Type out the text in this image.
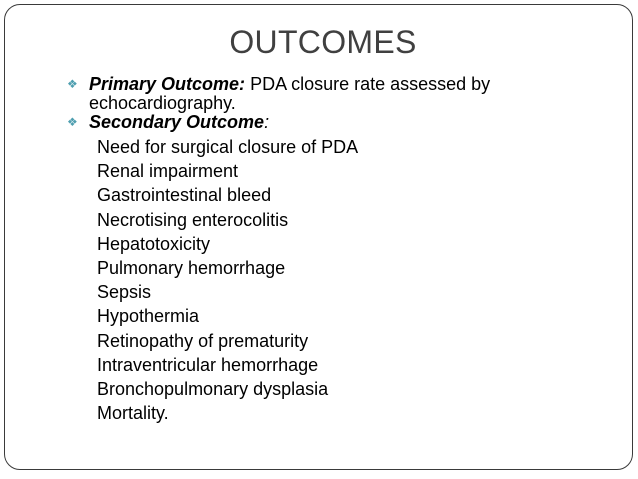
OUTCOMES
❖ Primary Outcome: PDA closure rate assessed by echocardiography.
❖ Secondary Outcome:
Need for surgical closure of PDA
Renal impairment
Gastrointestinal bleed
Necrotising enterocolitis
Hepatotoxicity
Pulmonary hemorrhage
Sepsis
Hypothermia
Retinopathy of prematurity
Intraventricular hemorrhage
Bronchopulmonary dysplasia
Mortality.
